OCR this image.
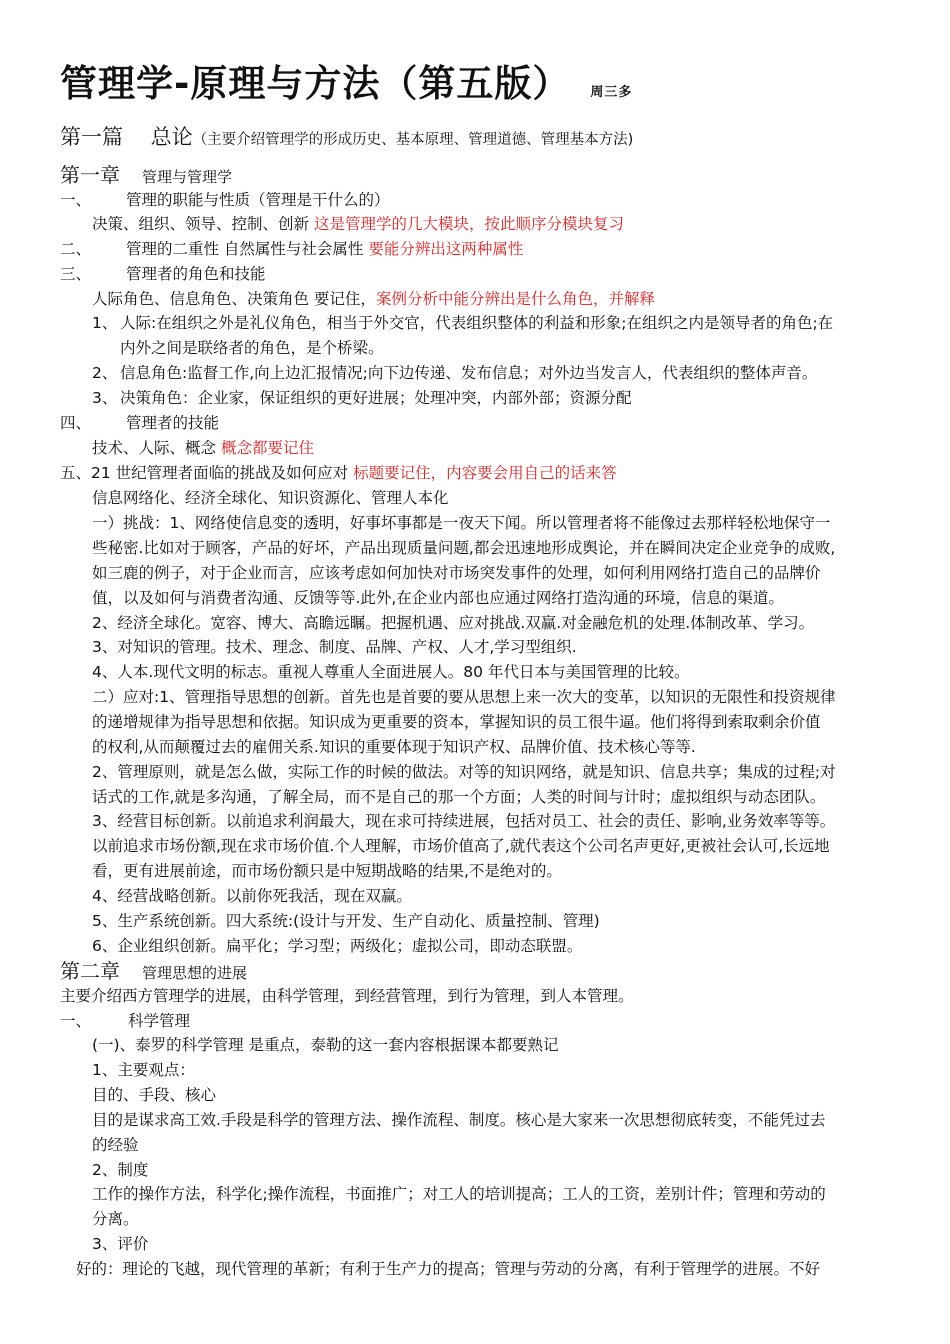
管理学-原理与方法（第五版） 周三多
第一篇　 总论（主要介绍管理学的形成历史、基本原理、管理道德、管理基本方法)
第一章 管理与管理学
一、 管理的职能与性质（管理是干什么的）
决策、组织、领导、控制、创新 这是管理学的几大模块，按此顺序分模块复习
二、 管理的二重性 自然属性与社会属性 要能分辨出这两种属性
三、 管理者的角色和技能
人际角色、信息角色、决策角色 要记住，案例分析中能分辨出是什么角色，并解释
1、 人际:在组织之外是礼仪角色，相当于外交官，代表组织整体的利益和形象;在组织之内是领导者的角色;在
内外之间是联络者的角色，是个桥梁。
2、 信息角色:监督工作,向上边汇报情况;向下边传递、发布信息；对外边当发言人，代表组织的整体声音。
3、 决策角色：企业家，保证组织的更好进展；处理冲突，内部外部；资源分配
四、 管理者的技能
技术、人际、概念 概念都要记住
五、21 世纪管理者面临的挑战及如何应对 标题要记住，内容要会用自己的话来答
信息网络化、经济全球化、知识资源化、管理人本化
一）挑战：1、网络使信息变的透明，好事坏事都是一夜天下闻。所以管理者将不能像过去那样轻松地保守一
些秘密.比如对于顾客，产品的好坏，产品出现质量问题,都会迅速地形成舆论，并在瞬间决定企业竞争的成败,
如三鹿的例子，对于企业而言，应该考虑如何加快对市场突发事件的处理，如何利用网络打造自己的品牌价
值，以及如何与消费者沟通、反馈等等.此外,在企业内部也应通过网络打造沟通的环境，信息的渠道。
2、经济全球化。宽容、博大、高瞻远瞩。把握机遇、应对挑战.双赢.对金融危机的处理.体制改革、学习。
3、对知识的管理。技术、理念、制度、品牌、产权、人才,学习型组织.
4、人本.现代文明的标志。重视人尊重人全面进展人。80 年代日本与美国管理的比较。
二）应对:1、管理指导思想的创新。首先也是首要的要从思想上来一次大的变革，以知识的无限性和投资规律
的递增规律为指导思想和依据。知识成为更重要的资本，掌握知识的员工很牛逼。他们将得到索取剩余价值
的权利,从而颠覆过去的雇佣关系.知识的重要体现于知识产权、品牌价值、技术核心等等.
2、管理原则，就是怎么做，实际工作的时候的做法。对等的知识网络，就是知识、信息共享；集成的过程;对
话式的工作,就是多沟通，了解全局，而不是自己的那一个方面；人类的时间与计时；虚拟组织与动态团队。
3、经营目标创新。以前追求利润最大，现在求可持续进展，包括对员工、社会的责任、影响,业务效率等等。
以前追求市场份额,现在求市场价值.个人理解，市场价值高了,就代表这个公司名声更好,更被社会认可,长远地
看，更有进展前途，而市场份额只是中短期战略的结果,不是绝对的。
4、经营战略创新。以前你死我活，现在双赢。
5、生产系统创新。四大系统:(设计与开发、生产自动化、质量控制、管理)
6、企业组织创新。扁平化；学习型；两级化；虚拟公司，即动态联盟。
第二章 管理思想的进展
主要介绍西方管理学的进展，由科学管理，到经营管理，到行为管理，到人本管理。
一、 科学管理
(一)、泰罗的科学管理 是重点，泰勒的这一套内容根据课本都要熟记
1、主要观点：
目的、手段、核心
目的是谋求高工效.手段是科学的管理方法、操作流程、制度。核心是大家来一次思想彻底转变，不能凭过去
的经验
2、制度
工作的操作方法，科学化;操作流程，书面推广；对工人的培训提高；工人的工资，差别计件；管理和劳动的
分离。
3、评价
好的：理论的飞越，现代管理的革新；有利于生产力的提高；管理与劳动的分离，有利于管理学的进展。不好
